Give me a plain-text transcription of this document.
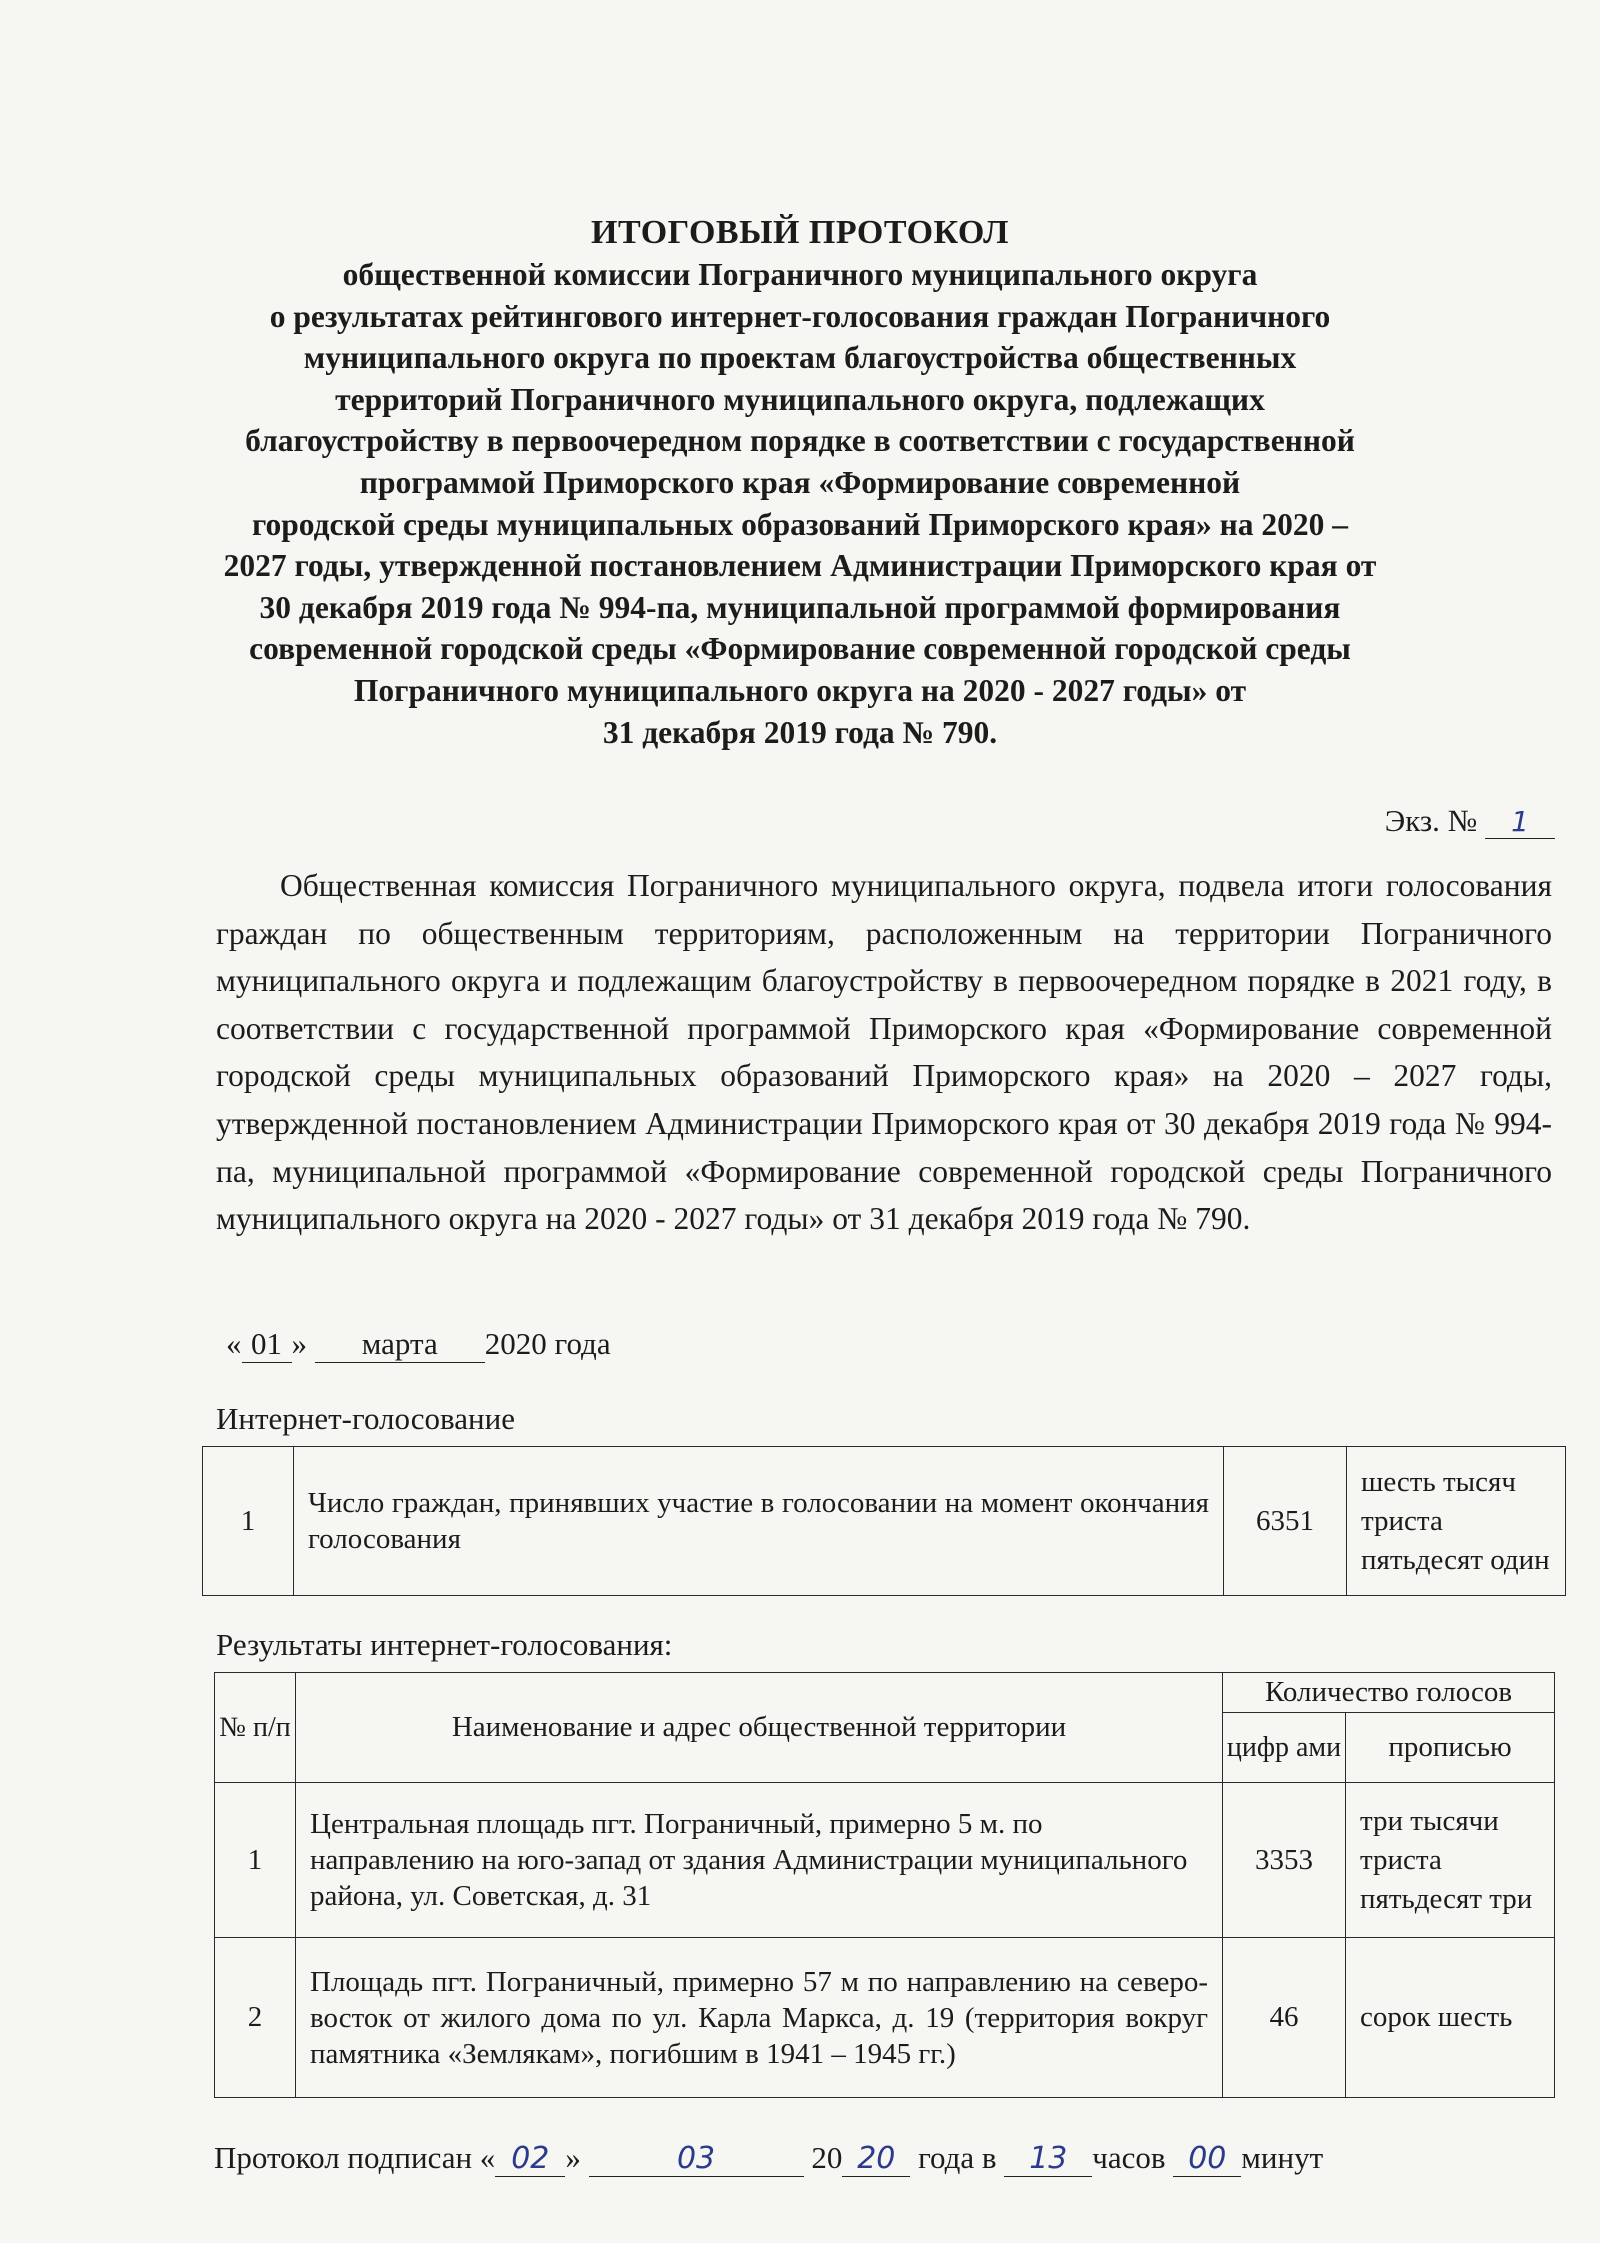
ИТОГОВЫЙ ПРОТОКОЛ
общественной комиссии Пограничного муниципального округа
о результатах рейтингового интернет-голосования граждан Пограничного
муниципального округа по проектам благоустройства общественных
территорий Пограничного муниципального округа, подлежащих
благоустройству в первоочередном порядке в соответствии с государственной
программой Приморского края «Формирование современной
городской среды муниципальных образований Приморского края» на 2020 –
2027 годы, утвержденной постановлением Администрации Приморского края от
30 декабря 2019 года № 994-па, муниципальной программой формирования
современной городской среды «Формирование современной городской среды
Пограничного муниципального округа на 2020 - 2027 годы» от
31 декабря 2019 года № 790.
Экз. № 1

Общественная комиссия Пограничного муниципального округа, подвела итоги голосования граждан по общественным территориям, расположенным на территории Пограничного муниципального округа и подлежащим благоустройству в первоочередном порядке в 2021 году, в соответствии с государственной программой Приморского края «Формирование современной городской среды муниципальных образований Приморского края» на 2020 – 2027 годы, утвержденной постановлением Администрации Приморского края от 30 декабря 2019 года № 994-па, муниципальной программой «Формирование современной городской среды Пограничного муниципального округа на 2020 - 2027 годы» от 31 декабря 2019 года № 790.

« 01 » марта 2020 года
Интернет-голосование
1	Число граждан, принявших участие в голосовании на момент окончания голосования	6351	шесть тысяч триста пятьдесят один
Результаты интернет-голосования:
№ п/п	Наименование и адрес общественной территории	Количество голосов	
		цифр ами	прописью
1	Центральная площадь пгт. Пограничный, примерно 5 м. по направлению на юго-запад от здания Администрации муниципального района, ул. Советская, д. 31	3353	три тысячи триста пятьдесят три
2	Площадь пгт. Пограничный, примерно 57 м по направлению на северо-восток от жилого дома по ул. Карла Маркса, д. 19 (территория вокруг памятника «Землякам», погибшим в 1941 – 1945 гг.)	46	сорок шесть
Протокол подписан « 02 »	03	20 20 года в 13 часов 00 минут
